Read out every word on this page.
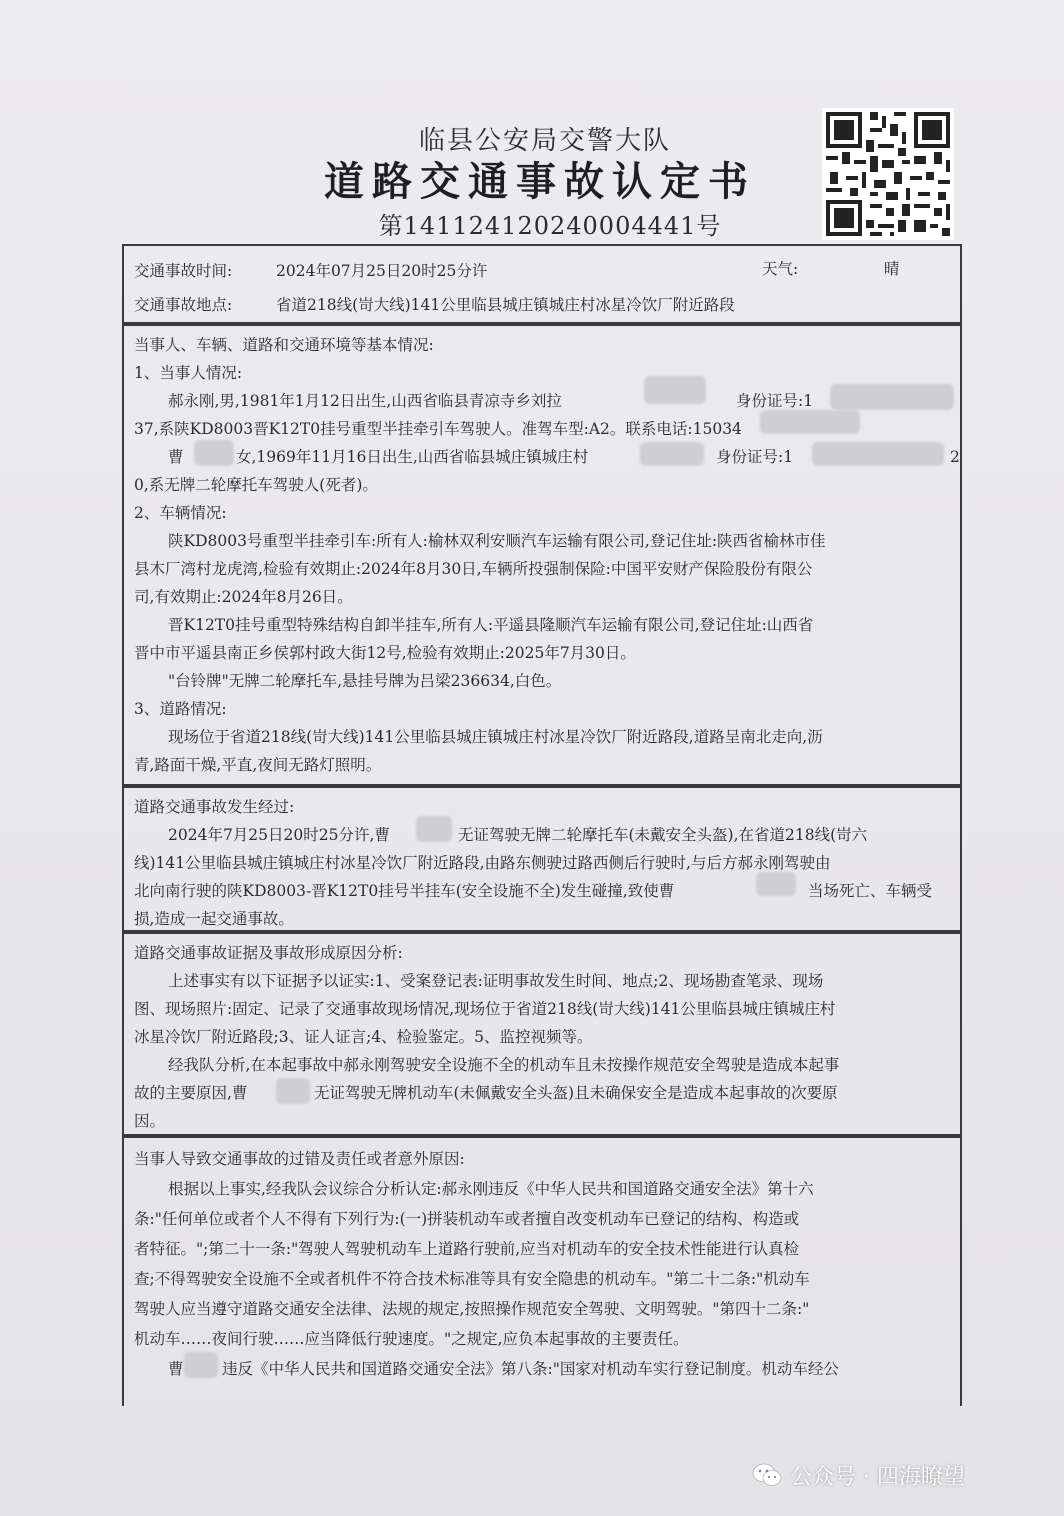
临县公安局交警大队
道路交通事故认定书
第141124120240004441号
交通事故时间:	2024年07月25日20时25分许	天气:	晴
交通事故地点:	省道218线(岢大线)141公里临县城庄镇城庄村冰星冷饮厂附近路段
当事人、车辆、道路和交通环境等基本情况:
1、当事人情况:
郝永刚,男,1981年1月12日出生,山西省临县青凉寺乡刘拉	身份证号:1
37,系陕KD8003晋K12T0挂号重型半挂牵引车驾驶人。准驾车型:A2。联系电话:15034
曹	女,1969年11月16日出生,山西省临县城庄镇城庄村	身份证号:1	2
0,系无牌二轮摩托车驾驶人(死者)。
2、车辆情况:
陕KD8003号重型半挂牵引车:所有人:榆林双利安顺汽车运输有限公司,登记住址:陕西省榆林市佳
县木厂湾村龙虎湾,检验有效期止:2024年8月30日,车辆所投强制保险:中国平安财产保险股份有限公
司,有效期止:2024年8月26日。
晋K12T0挂号重型特殊结构自卸半挂车,所有人:平遥县隆顺汽车运输有限公司,登记住址:山西省
晋中市平遥县南正乡侯郭村政大街12号,检验有效期止:2025年7月30日。
"台铃牌"无牌二轮摩托车,悬挂号牌为吕梁236634,白色。
3、道路情况:
现场位于省道218线(岢大线)141公里临县城庄镇城庄村冰星冷饮厂附近路段,道路呈南北走向,沥
青,路面干燥,平直,夜间无路灯照明。
道路交通事故发生经过:
2024年7月25日20时25分许,曹	无证驾驶无牌二轮摩托车(未戴安全头盔),在省道218线(岢六
线)141公里临县城庄镇城庄村冰星冷饮厂附近路段,由路东侧驶过路西侧后行驶时,与后方郝永刚驾驶由
北向南行驶的陕KD8003-晋K12T0挂号半挂车(安全设施不全)发生碰撞,致使曹	当场死亡、车辆受
损,造成一起交通事故。
道路交通事故证据及事故形成原因分析:
上述事实有以下证据予以证实:1、受案登记表:证明事故发生时间、地点;2、现场勘查笔录、现场
图、现场照片:固定、记录了交通事故现场情况,现场位于省道218线(岢大线)141公里临县城庄镇城庄村
冰星冷饮厂附近路段;3、证人证言;4、检验鉴定。5、监控视频等。
经我队分析,在本起事故中郝永刚驾驶安全设施不全的机动车且未按操作规范安全驾驶是造成本起事
故的主要原因,曹	无证驾驶无牌机动车(未佩戴安全头盔)且未确保安全是造成本起事故的次要原
因。
当事人导致交通事故的过错及责任或者意外原因:
根据以上事实,经我队会议综合分析认定:郝永刚违反《中华人民共和国道路交通安全法》第十六
条:"任何单位或者个人不得有下列行为:(一)拼装机动车或者擅自改变机动车已登记的结构、构造或
者特征。";第二十一条:"驾驶人驾驶机动车上道路行驶前,应当对机动车的安全技术性能进行认真检
查;不得驾驶安全设施不全或者机件不符合技术标准等具有安全隐患的机动车。"第二十二条:"机动车
驾驶人应当遵守道路交通安全法律、法规的规定,按照操作规范安全驾驶、文明驾驶。"第四十二条:"
机动车……夜间行驶……应当降低行驶速度。"之规定,应负本起事故的主要责任。
曹 违反《中华人民共和国道路交通安全法》第八条:"国家对机动车实行登记制度。机动车经公
公众号 · 四海瞭望
